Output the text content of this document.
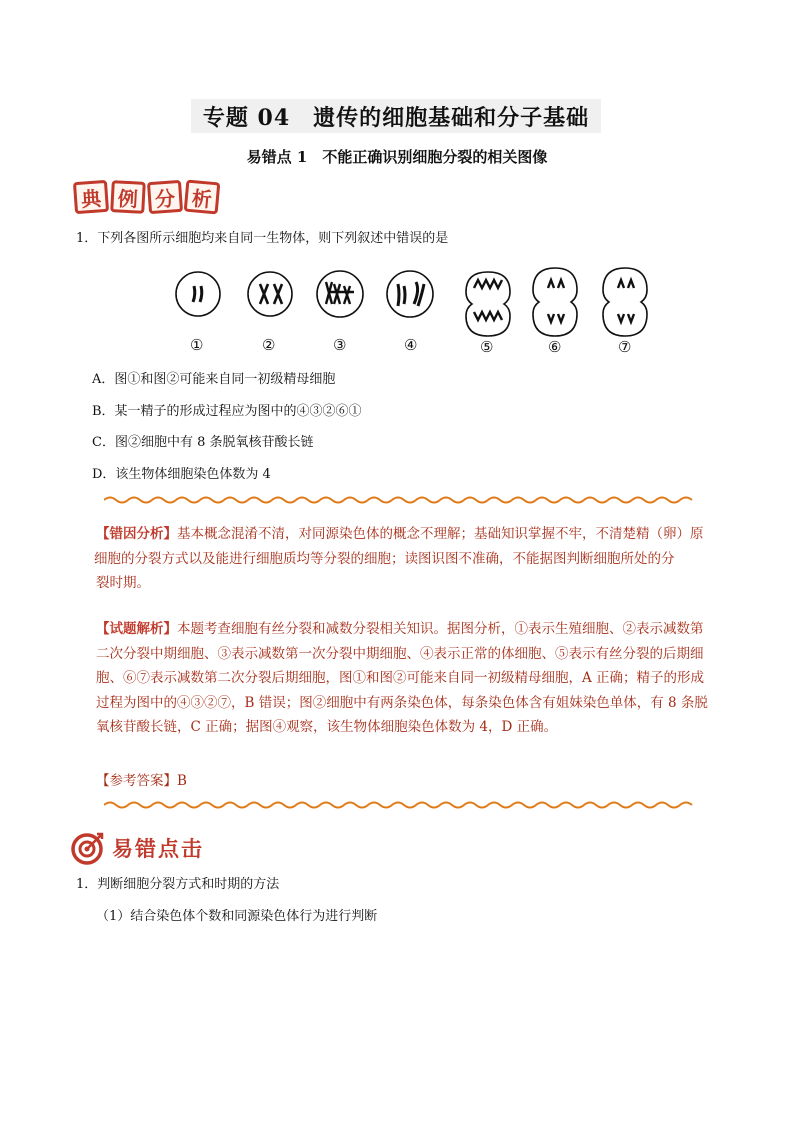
专题 04　遗传的细胞基础和分子基础
易错点 1　不能正确识别细胞分裂的相关图像
典 例 分 析
1．下列各图所示细胞均来自同一生物体，则下列叙述中错误的是
①	②	③	④	⑤	⑥	⑦
A．图①和图②可能来自同一初级精母细胞
B．某一精子的形成过程应为图中的④③②⑥①
C．图②细胞中有 8 条脱氧核苷酸长链
D．该生物体细胞染色体数为 4
【错因分析】基本概念混淆不清，对同源染色体的概念不理解；基础知识掌握不牢，不清楚精（卵）原
细胞的分裂方式以及能进行细胞质均等分裂的细胞；读图识图不准确，不能据图判断细胞所处的分
裂时期。
【试题解析】本题考查细胞有丝分裂和减数分裂相关知识。据图分析，①表示生殖细胞、②表示减数第
二次分裂中期细胞、③表示减数第一次分裂中期细胞、④表示正常的体细胞、⑤表示有丝分裂的后期细
胞、⑥⑦表示减数第二次分裂后期细胞，图①和图②可能来自同一初级精母细胞，A 正确；精子的形成
过程为图中的④③②⑦，B 错误；图②细胞中有两条染色体，每条染色体含有姐妹染色单体，有 8 条脱
氧核苷酸长链，C 正确；据图④观察，该生物体细胞染色体数为 4，D 正确。
【参考答案】B
易错点击
1．判断细胞分裂方式和时期的方法
（1）结合染色体个数和同源染色体行为进行判断
